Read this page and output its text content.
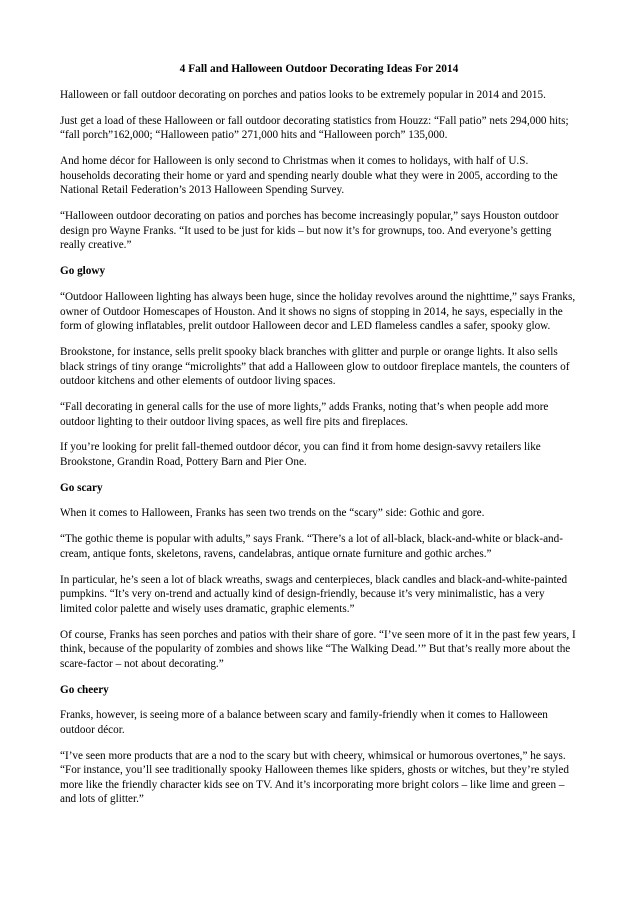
4 Fall and Halloween Outdoor Decorating Ideas For 2014
Halloween or fall outdoor decorating on porches and patios looks to be extremely popular in 2014 and 2015.
Just get a load of these Halloween or fall outdoor decorating statistics from Houzz: “Fall patio” nets 294,000 hits; “fall porch”162,000; “Halloween patio” 271,000 hits and “Halloween porch” 135,000.
And home décor for Halloween is only second to Christmas when it comes to holidays, with half of U.S. households decorating their home or yard and spending nearly double what they were in 2005, according to the National Retail Federation’s 2013 Halloween Spending Survey.
“Halloween outdoor decorating on patios and porches has become increasingly popular,” says Houston outdoor design pro Wayne Franks. “It used to be just for kids – but now it’s for grownups, too. And everyone’s getting really creative.”
Go glowy
“Outdoor Halloween lighting has always been huge, since the holiday revolves around the nighttime,” says Franks, owner of Outdoor Homescapes of Houston. And it shows no signs of stopping in 2014, he says, especially in the form of glowing inflatables, prelit outdoor Halloween decor and LED flameless candles a safer, spooky glow.
Brookstone, for instance, sells prelit spooky black branches with glitter and purple or orange lights. It also sells black strings of tiny orange “microlights” that add a Halloween glow to outdoor fireplace mantels, the counters of outdoor kitchens and other elements of outdoor living spaces.
“Fall decorating in general calls for the use of more lights,” adds Franks, noting that’s when people add more outdoor lighting to their outdoor living spaces, as well fire pits and fireplaces.
If you’re looking for prelit fall-themed outdoor décor, you can find it from home design-savvy retailers like Brookstone, Grandin Road, Pottery Barn and Pier One.
Go scary
When it comes to Halloween, Franks has seen two trends on the “scary” side: Gothic and gore.
“The gothic theme is popular with adults,” says Frank. “There’s a lot of all-black, black-and-white or black-and-cream, antique fonts, skeletons, ravens, candelabras, antique ornate furniture and gothic arches.”
In particular, he’s seen a lot of black wreaths, swags and centerpieces, black candles and black-and-white-painted pumpkins. “It’s very on-trend and actually kind of design-friendly, because it’s very minimalistic, has a very limited color palette and wisely uses dramatic, graphic elements.”
Of course, Franks has seen porches and patios with their share of gore. “I’ve seen more of it in the past few years, I think, because of the popularity of zombies and shows like “The Walking Dead.’” But that’s really more about the scare-factor – not about decorating.”
Go cheery
Franks, however, is seeing more of a balance between scary and family-friendly when it comes to Halloween outdoor décor.
“I’ve seen more products that are a nod to the scary but with cheery, whimsical or humorous overtones,” he says. “For instance, you’ll see traditionally spooky Halloween themes like spiders, ghosts or witches, but they’re styled more like the friendly character kids see on TV. And it’s incorporating more bright colors – like lime and green – and lots of glitter.”
